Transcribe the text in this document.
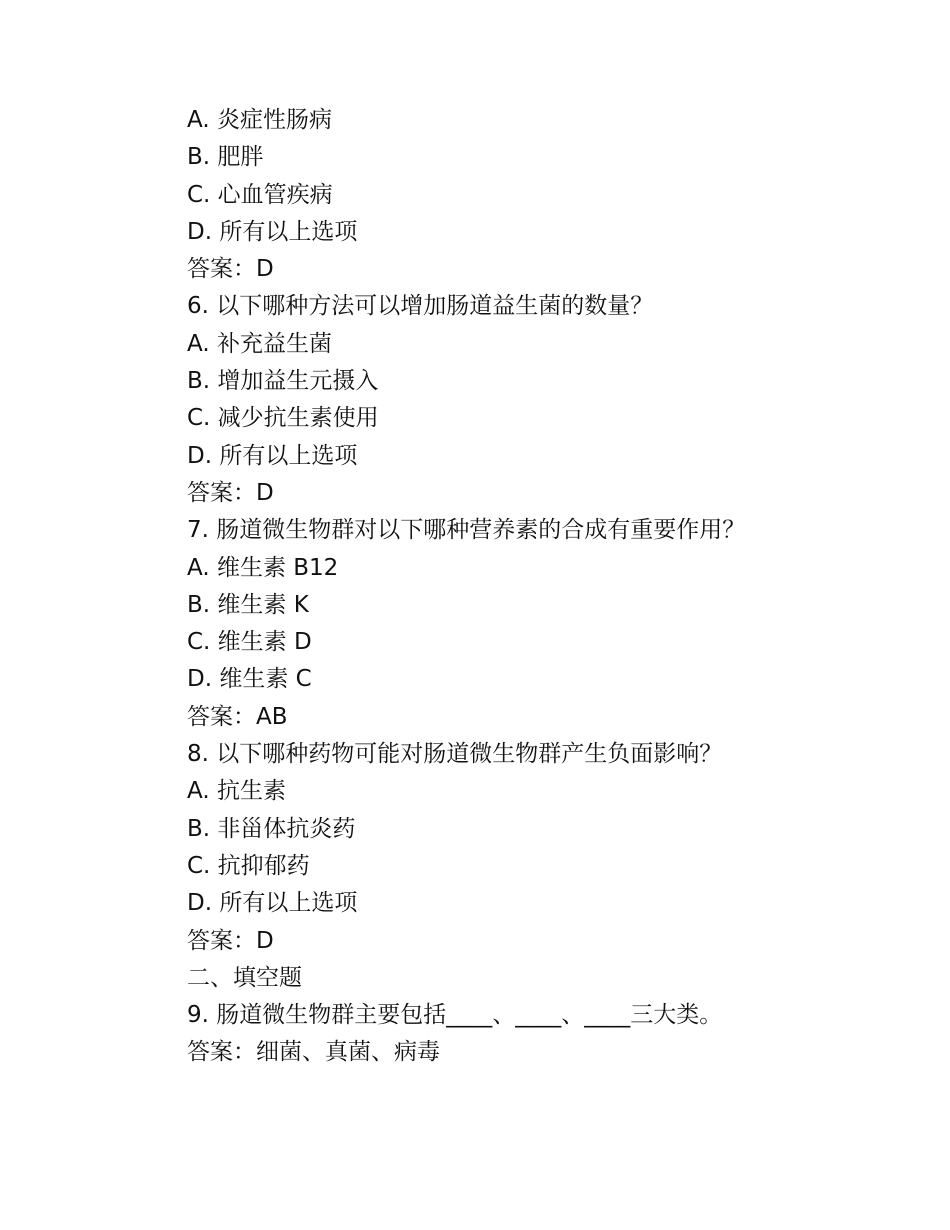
A. 炎症性肠病
B. 肥胖
C. 心血管疾病
D. 所有以上选项
答案：D
6. 以下哪种方法可以增加肠道益生菌的数量？
A. 补充益生菌
B. 增加益生元摄入
C. 减少抗生素使用
D. 所有以上选项
答案：D
7. 肠道微生物群对以下哪种营养素的合成有重要作用？
A. 维生素 B12
B. 维生素 K
C. 维生素 D
D. 维生素 C
答案：AB
8. 以下哪种药物可能对肠道微生物群产生负面影响？
A. 抗生素
B. 非甾体抗炎药
C. 抗抑郁药
D. 所有以上选项
答案：D
二、填空题
9. 肠道微生物群主要包括____、____、____三大类。
答案：细菌、真菌、病毒
